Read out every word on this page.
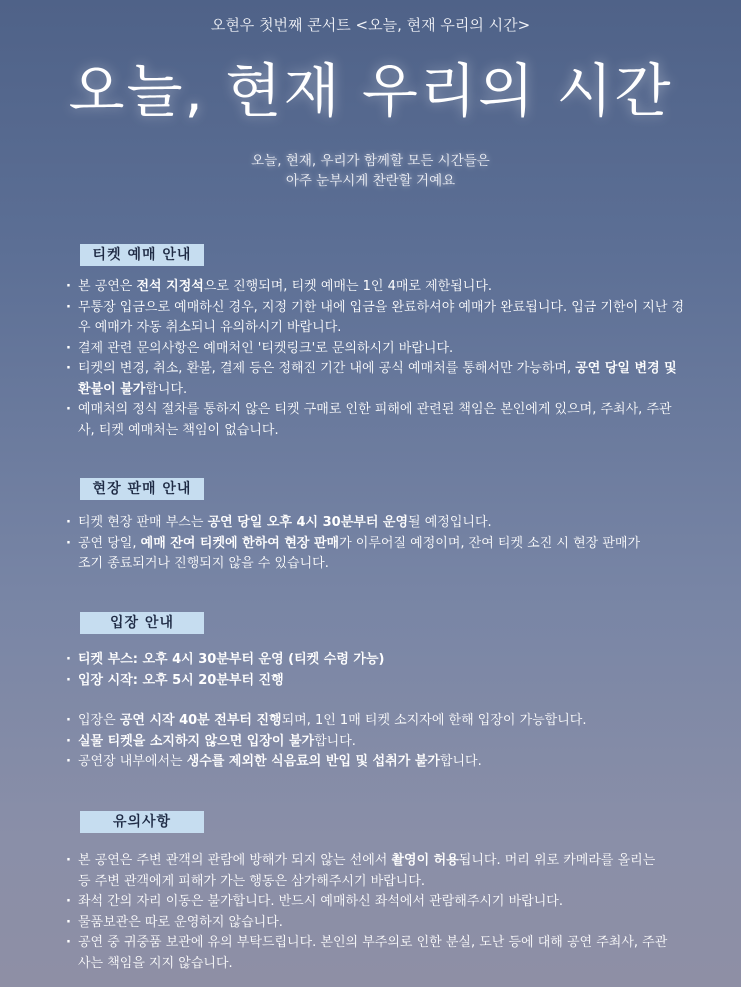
오현우 첫번째 콘서트 <오늘, 현재 우리의 시간>
오늘, 현재 우리의 시간
오늘, 현재, 우리가 함께할 모든 시간들은
아주 눈부시게 찬란할 거예요
티켓 예매 안내
· 본 공연은 전석 지정석으로 진행되며, 티켓 예매는 1인 4매로 제한됩니다.
· 무통장 입금으로 예매하신 경우, 지정 기한 내에 입금을 완료하셔야 예매가 완료됩니다. 입금 기한이 지난 경우 예매가 자동 취소되니 유의하시기 바랍니다.
· 결제 관련 문의사항은 예매처인 '티켓링크'로 문의하시기 바랍니다.
· 티켓의 변경, 취소, 환불, 결제 등은 정해진 기간 내에 공식 예매처를 통해서만 가능하며, 공연 당일 변경 및 환불이 불가합니다.
· 예매처의 정식 절차를 통하지 않은 티켓 구매로 인한 피해에 관련된 책임은 본인에게 있으며, 주최사, 주관사, 티켓 예매처는 책임이 없습니다.
현장 판매 안내
· 티켓 현장 판매 부스는 공연 당일 오후 4시 30분부터 운영될 예정입니다.
· 공연 당일, 예매 잔여 티켓에 한하여 현장 판매가 이루어질 예정이며, 잔여 티켓 소진 시 현장 판매가 조기 종료되거나 진행되지 않을 수 있습니다.
입장 안내
· 티켓 부스: 오후 4시 30분부터 운영 (티켓 수령 가능)
· 입장 시작: 오후 5시 20분부터 진행
· 입장은 공연 시작 40분 전부터 진행되며, 1인 1매 티켓 소지자에 한해 입장이 가능합니다.
· 실물 티켓을 소지하지 않으면 입장이 불가합니다.
· 공연장 내부에서는 생수를 제외한 식음료의 반입 및 섭취가 불가합니다.
유의사항
· 본 공연은 주변 관객의 관람에 방해가 되지 않는 선에서 촬영이 허용됩니다. 머리 위로 카메라를 올리는 등 주변 관객에게 피해가 가는 행동은 삼가해주시기 바랍니다.
· 좌석 간의 자리 이동은 불가합니다. 반드시 예매하신 좌석에서 관람해주시기 바랍니다.
· 물품보관은 따로 운영하지 않습니다.
· 공연 중 귀중품 보관에 유의 부탁드립니다. 본인의 부주의로 인한 분실, 도난 등에 대해 공연 주최사, 주관사는 책임을 지지 않습니다.
